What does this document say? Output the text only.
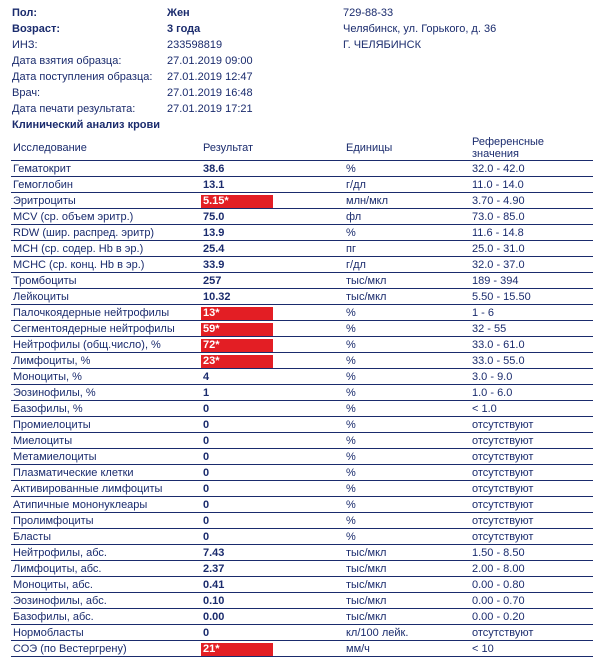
Пол:	Жен
Возраст:	3 года
ИНЗ:	233598819
Дата взятия образца:	27.01.2019 09:00
Дата поступления образца: 27.01.2019 12:47
Врач:	27.01.2019 16:48
Дата печати результата:	27.01.2019 17:21
729-88-33
Челябинск, ул. Горького, д. 36
Г. ЧЕЛЯБИНСК
Клинический анализ крови
Исследование	Результат	Единицы	Референсные значения
Гематокрит	38.6	%	32.0 - 42.0
Гемоглобин	13.1	г/дл	11.0 - 14.0
Эритроциты	5.15*	млн/мкл	3.70 - 4.90
MCV (ср. объем эритр.)	75.0	фл	73.0 - 85.0
RDW (шир. распред. эритр)	13.9	%	11.6 - 14.8
MCH (ср. содер. Hb в эр.)	25.4	пг	25.0 - 31.0
MCHC (ср. конц. Hb в эр.)	33.9	г/дл	32.0 - 37.0
Тромбоциты	257	тыс/мкл	189 - 394
Лейкоциты	10.32	тыс/мкл	5.50 - 15.50
Палочкоядерные нейтрофилы	13*	%	1 - 6
Сегментоядерные нейтрофилы	59*	%	32 - 55
Нейтрофилы (общ.число), %	72*	%	33.0 - 61.0
Лимфоциты, %	23*	%	33.0 - 55.0
Моноциты, %	4	%	3.0 - 9.0
Эозинофилы, %	1	%	1.0 - 6.0
Базофилы, %	0	%	< 1.0
Промиелоциты	0	%	отсутствуют
Миелоциты	0	%	отсутствуют
Метамиелоциты	0	%	отсутствуют
Плазматические клетки	0	%	отсутствуют
Активированные лимфоциты	0	%	отсутствуют
Атипичные мононуклеары	0	%	отсутствуют
Пролимфоциты	0	%	отсутствуют
Бласты	0	%	отсутствуют
Нейтрофилы, абс.	7.43	тыс/мкл	1.50 - 8.50
Лимфоциты, абс.	2.37	тыс/мкл	2.00 - 8.00
Моноциты, абс.	0.41	тыс/мкл	0.00 - 0.80
Эозинофилы, абс.	0.10	тыс/мкл	0.00 - 0.70
Базофилы, абс.	0.00	тыс/мкл	0.00 - 0.20
Нормобласты	0	кл/100 лейк.	отсутствуют
СОЭ (по Вестергрену)	21*	мм/ч	< 10
